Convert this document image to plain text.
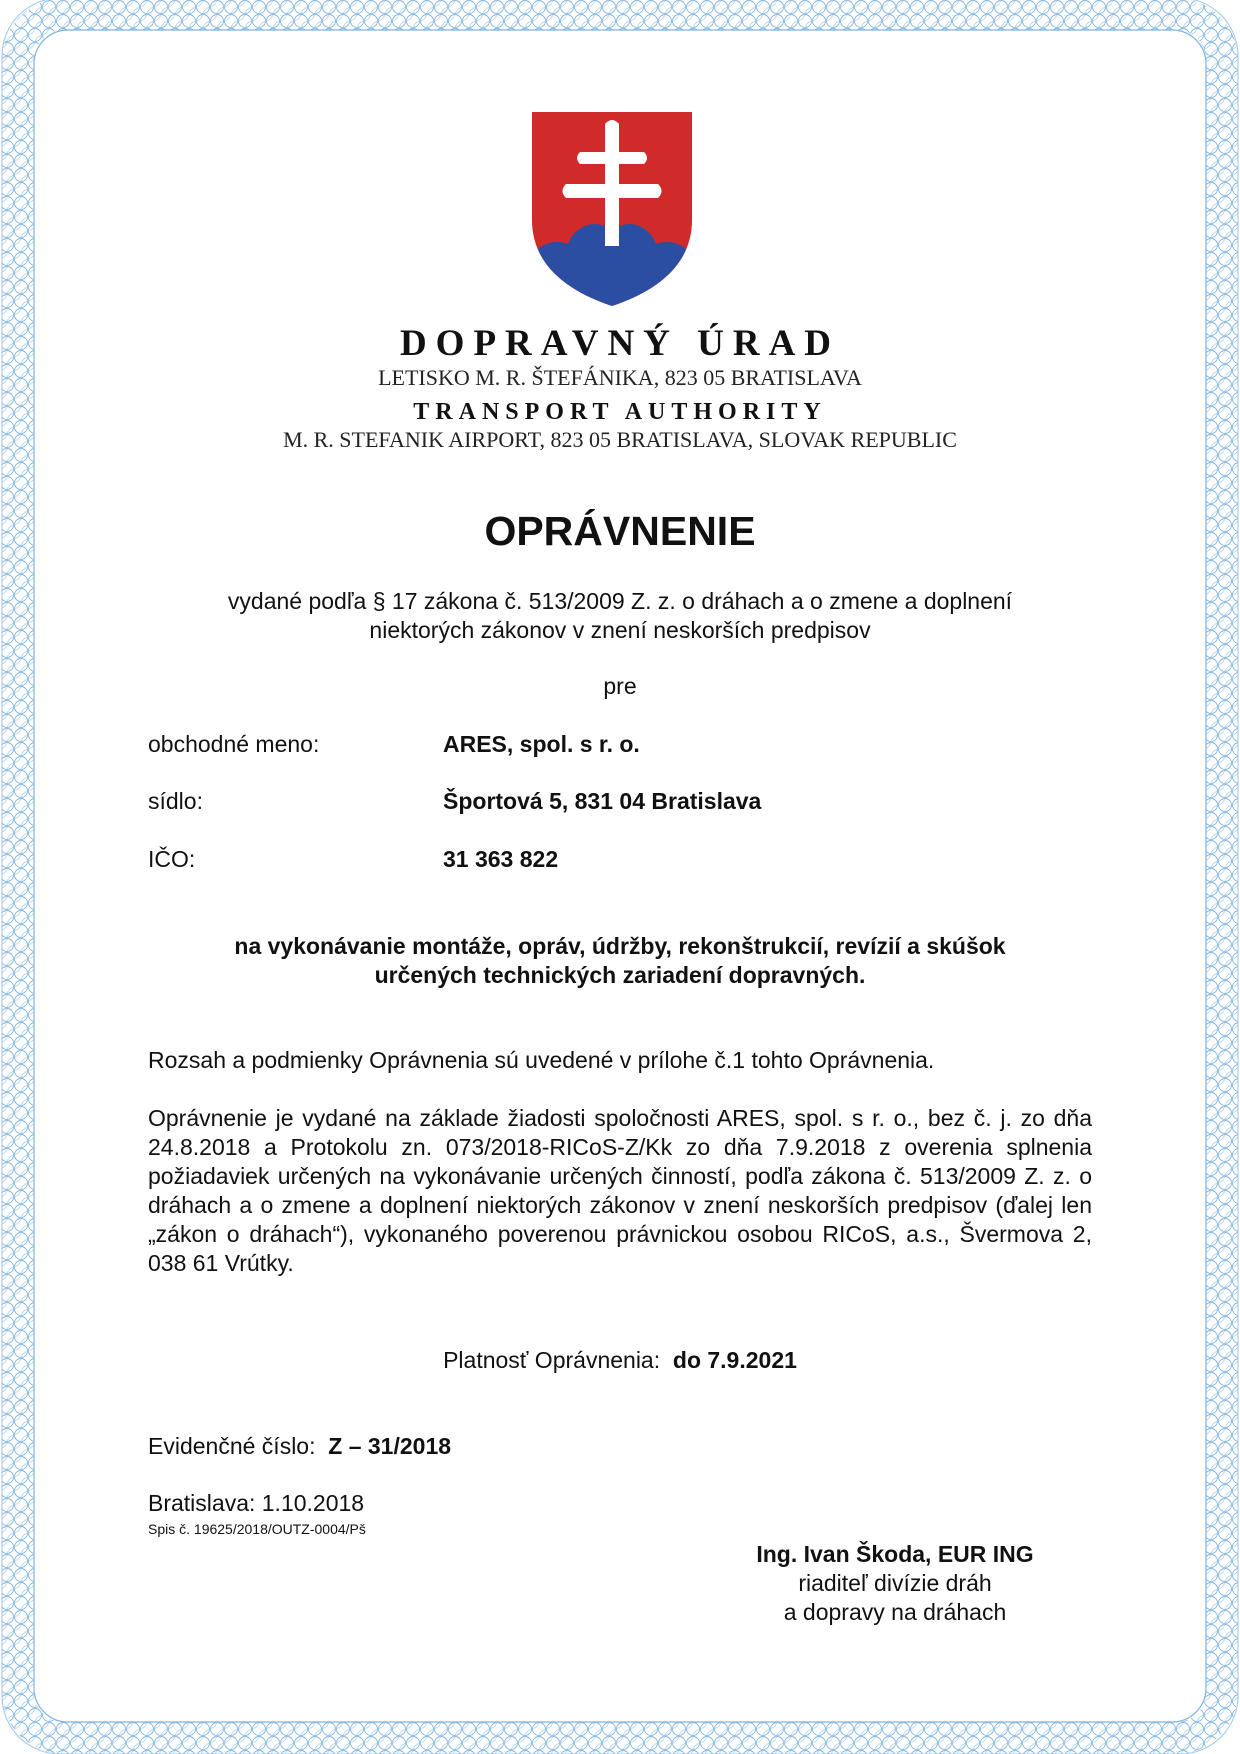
DOPRAVNÝ ÚRAD
LETISKO M. R. ŠTEFÁNIKA, 823 05 BRATISLAVA
TRANSPORT AUTHORITY
M. R. STEFANIK AIRPORT, 823 05 BRATISLAVA, SLOVAK REPUBLIC
OPRÁVNENIE
vydané podľa § 17 zákona č. 513/2009 Z. z. o dráhach a o zmene a doplnení
niektorých zákonov v znení neskorších predpisov
pre
obchodné meno:	ARES, spol. s r. o.
sídlo:	Športová 5, 831 04 Bratislava
IČO:	31 363 822
na vykonávanie montáže, opráv, údržby, rekonštrukcií, revízií a skúšok
určených technických zariadení dopravných.
Rozsah a podmienky Oprávnenia sú uvedené v prílohe č.1 tohto Oprávnenia.
Oprávnenie je vydané na základe žiadosti spoločnosti ARES, spol. s r. o., bez č. j. zo dňa 24.8.2018 a Protokolu zn. 073/2018-RICoS-Z/Kk zo dňa 7.9.2018 z overenia splnenia požiadaviek určených na vykonávanie určených činností, podľa zákona č. 513/2009 Z. z. o dráhach a o zmene a doplnení niektorých zákonov v znení neskorších predpisov (ďalej len „zákon o dráhach“), vykonaného poverenou právnickou osobou RICoS, a.s., Švermova 2, 038 61 Vrútky.
Platnosť Oprávnenia: do 7.9.2021
Evidenčné číslo: Z – 31/2018
Bratislava: 1.10.2018
Spis č. 19625/2018/OUTZ-0004/Pš
Ing. Ivan Škoda, EUR ING
riaditeľ divízie dráh
a dopravy na dráhach
